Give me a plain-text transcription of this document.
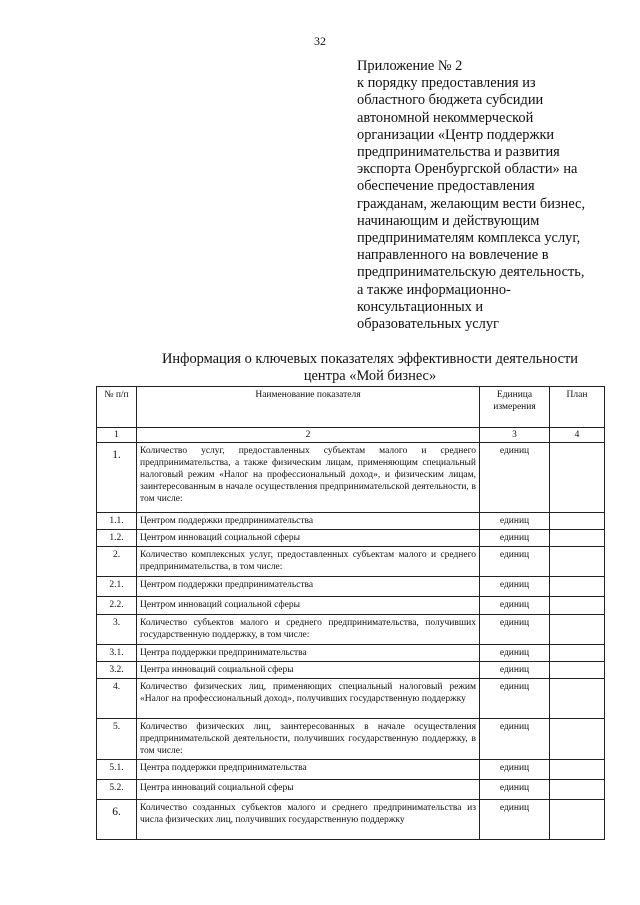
32
Приложение № 2
к порядку предоставления из
областного бюджета субсидии
автономной некоммерческой
организации «Центр поддержки
предпринимательства и развития
экспорта Оренбургской области» на
обеспечение предоставления
гражданам, желающим вести бизнес,
начинающим и действующим
предпринимателям комплекса услуг,
направленного на вовлечение в
предпринимательскую деятельность,
а также информационно-
консультационных и
образовательных услуг
Информация о ключевых показателях эффективности деятельности
центра «Мой бизнес»
№ п/п	Наименование показателя	Единица измерения	План
1	2	3	4
1.	Количество услуг, предоставленных субъектам малого и среднего предпринимательства, а также физическим лицам, применяющим специальный налоговый режим «Налог на профессиональный доход», и физическим лицам, заинтересованным в начале осуществления предпринимательской деятельности, в том числе:	единиц	
1.1.	Центром поддержки предпринимательства	единиц	
1.2.	Центром инноваций социальной сферы	единиц	
2.	Количество комплексных услуг, предоставленных субъектам малого и среднего предпринимательства, в том числе:	единиц	
2.1.	Центром поддержки предпринимательства	единиц	
2.2.	Центром инноваций социальной сферы	единиц	
3.	Количество субъектов малого и среднего предпринимательства, получивших государственную поддержку, в том числе:	единиц	
3.1.	Центра поддержки предпринимательства	единиц	
3.2.	Центра инноваций социальной сферы	единиц	
4.	Количество физических лиц, применяющих специальный налоговый режим «Налог на профессиональный доход», получивших государственную поддержку	единиц	
5.	Количество физических лиц, заинтересованных в начале осуществления предпринимательской деятельности, получивших государственную поддержку, в том числе:	единиц	
5.1.	Центра поддержки предпринимательства	единиц	
5.2.	Центра инноваций социальной сферы	единиц	
6.	Количество созданных субъектов малого и среднего предпринимательства из числа физических лиц, получивших государственную поддержку	единиц	
